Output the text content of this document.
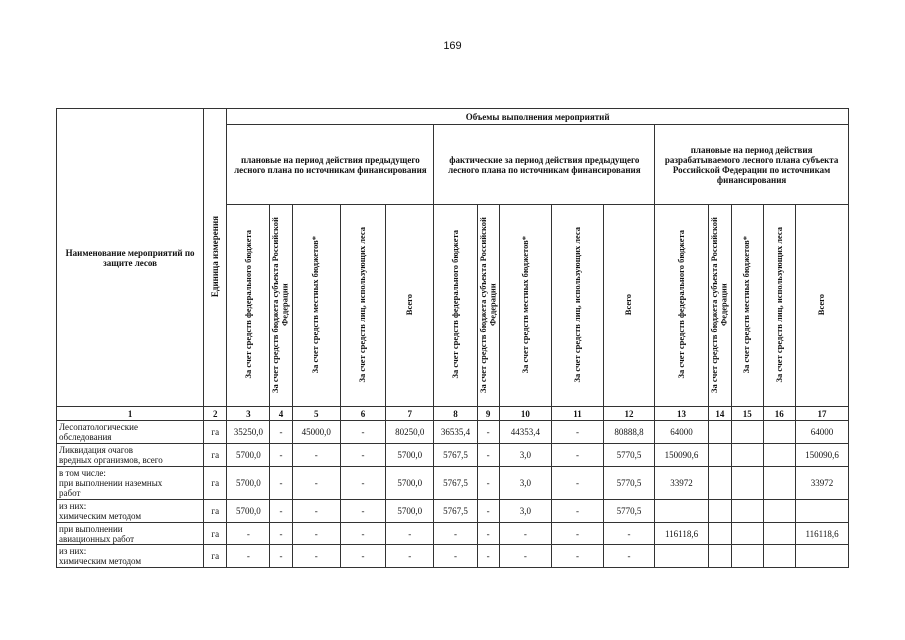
169
Наименование мероприятий по защите лесов	Единица измерения	Объемы выполнения мероприятий														
		плановые на период действия предыдущего лесного плана по источникам финансирования					фактические за период действия предыдущего лесного плана по источникам финансирования					плановые на период действия разрабатываемого лесного плана субъекта Российской Федерации по источникам финансирования				
		За счет средств федерального бюджета	За счет средств бюджета субъекта Российской Федерации	За счет средств местных бюджетов*	За счет средств лиц, использующих леса	Всего	За счет средств федерального бюджета	За счет средств бюджета субъекта Российской Федерации	За счет средств местных бюджетов*	За счет средств лиц, использующих леса	Всего	За счет средств федерального бюджета	За счет средств бюджета субъекта Российской Федерации	За счет средств местных бюджетов*	За счет средств лиц, использующих леса	Всего
1	2	3	4	5	6	7	8	9	10	11	12	13	14	15	16	17

Лесопатологические
обследования	га	35250,0	-	45000,0	-	80250,0	36535,4	-	44353,4	-	80888,8	64000				64000

Ликвидация очагов
вредных организмов, всего	га	5700,0	-	-	-	5700,0	5767,5	-	3,0	-	5770,5	150090,6				150090,6

в том числе:
при выполнении наземных
работ	га	5700,0	-	-	-	5700,0	5767,5	-	3,0	-	5770,5	33972				33972

из них:
химическим методом	га	5700,0	-	-	-	5700,0	5767,5	-	3,0	-	5770,5					

при выполнении
авиационных работ	га	-	-	-	-	-	-	-	-	-	-	116118,6				116118,6

из них:
химическим методом	га	-	-	-	-	-	-	-	-	-	-					
